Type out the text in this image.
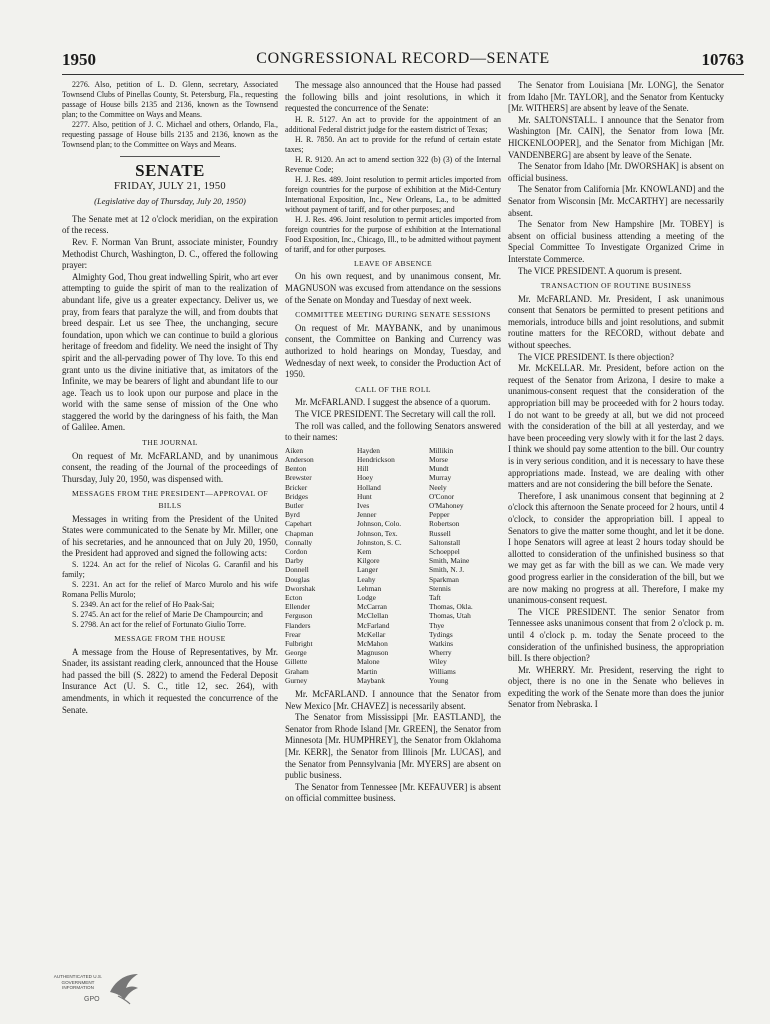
1950	CONGRESSIONAL RECORD—SENATE	10763

2276. Also, petition of L. D. Glenn, secretary, Associated Townsend Clubs of Pinellas County, St. Petersburg, Fla., requesting passage of House bills 2135 and 2136, known as the Townsend plan; to the Committee on Ways and Means.

2277. Also, petition of J. C. Michael and others, Orlando, Fla., requesting passage of House bills 2135 and 2136, known as the Townsend plan; to the Committee on Ways and Means.

SENATE
FRIDAY, JULY 21, 1950
(Legislative day of Thursday, July 20, 1950)

The Senate met at 12 o'clock meridian, on the expiration of the recess.

Rev. F. Norman Van Brunt, associate minister, Foundry Methodist Church, Washington, D. C., offered the following prayer:

Almighty God, Thou great indwelling Spirit, who art ever attempting to guide the spirit of man to the realization of abundant life, give us a greater expectancy. Deliver us, we pray, from fears that paralyze the will, and from doubts that breed despair. Let us see Thee, the unchanging, secure foundation, upon which we can continue to build a glorious heritage of freedom and fidelity. We need the insight of Thy spirit and the all-pervading power of Thy love. To this end grant unto us the divine initiative that, as imitators of the Infinite, we may be bearers of light and abundant life to our age. Teach us to look upon our purpose and place in the world with the same sense of mission of the One who staggered the world by the daringness of his faith, the Man of Galilee. Amen.

THE JOURNAL

On request of Mr. McFARLAND, and by unanimous consent, the reading of the Journal of the proceedings of Thursday, July 20, 1950, was dispensed with.

MESSAGES FROM THE PRESIDENT—APPROVAL OF BILLS

Messages in writing from the President of the United States were communicated to the Senate by Mr. Miller, one of his secretaries, and he announced that on July 20, 1950, the President had approved and signed the following acts:

S. 1224. An act for the relief of Nicolas G. Caranfil and his family;

S. 2231. An act for the relief of Marco Murolo and his wife Romana Pellis Murolo;

S. 2349. An act for the relief of Ho Paak-Sai;

S. 2745. An act for the relief of Marie De Champourcin; and

S. 2798. An act for the relief of Fortunato Giulio Torre.

MESSAGE FROM THE HOUSE

A message from the House of Representatives, by Mr. Snader, its assistant reading clerk, announced that the House had passed the bill (S. 2822) to amend the Federal Deposit Insurance Act (U. S. C., title 12, sec. 264), with amendments, in which it requested the concurrence of the Senate.

The message also announced that the House had passed the following bills and joint resolutions, in which it requested the concurrence of the Senate:

H. R. 5127. An act to provide for the appointment of an additional Federal district judge for the eastern district of Texas;

H. R. 7850. An act to provide for the refund of certain estate taxes;

H. R. 9120. An act to amend section 322 (b) (3) of the Internal Revenue Code;

H. J. Res. 489. Joint resolution to permit articles imported from foreign countries for the purpose of exhibition at the Mid-Century International Exposition, Inc., New Orleans, La., to be admitted without payment of tariff, and for other purposes; and

H. J. Res. 496. Joint resolution to permit articles imported from foreign countries for the purpose of exhibition at the International Food Exposition, Inc., Chicago, Ill., to be admitted without payment of tariff, and for other purposes.

LEAVE OF ABSENCE

On his own request, and by unanimous consent, Mr. MAGNUSON was excused from attendance on the sessions of the Senate on Monday and Tuesday of next week.

COMMITTEE MEETING DURING SENATE SESSIONS

On request of Mr. MAYBANK, and by unanimous consent, the Committee on Banking and Currency was authorized to hold hearings on Monday, Tuesday, and Wednesday of next week, to consider the Production Act of 1950.

CALL OF THE ROLL

Mr. McFARLAND. I suggest the absence of a quorum.

The VICE PRESIDENT. The Secretary will call the roll.

The roll was called, and the following Senators answered to their names:

Aiken	Hayden	Millikin
Anderson	Hendrickson	Morse
Benton	Hill	Mundt
Brewster	Hoey	Murray
Bricker	Holland	Neely
Bridges	Hunt	O'Conor
Butler	Ives	O'Mahoney
Byrd	Jenner	Pepper
Capehart	Johnson, Colo.	Robertson
Chapman	Johnson, Tex.	Russell
Connally	Johnston, S. C.	Saltonstall
Cordon	Kem	Schoeppel
Darby	Kilgore	Smith, Maine
Donnell	Langer	Smith, N. J.
Douglas	Leahy	Sparkman
Dworshak	Lehman	Stennis
Ecton	Lodge	Taft
Ellender	McCarran	Thomas, Okla.
Ferguson	McClellan	Thomas, Utah
Flanders	McFarland	Thye
Frear	McKellar	Tydings
Fulbright	McMahon	Watkins
George	Magnuson	Wherry
Gillette	Malone	Wiley
Graham	Martin	Williams
Gurney	Maybank	Young

Mr. McFARLAND. I announce that the Senator from New Mexico [Mr. CHAVEZ] is necessarily absent.

The Senator from Mississippi [Mr. EASTLAND], the Senator from Rhode Island [Mr. GREEN], the Senator from Minnesota [Mr. HUMPHREY], the Senator from Oklahoma [Mr. KERR], the Senator from Illinois [Mr. LUCAS], and the Senator from Pennsylvania [Mr. MYERS] are absent on public business.

The Senator from Tennessee [Mr. KEFAUVER] is absent on official committee business.

The Senator from Louisiana [Mr. LONG], the Senator from Idaho [Mr. TAYLOR], and the Senator from Kentucky [Mr. WITHERS] are absent by leave of the Senate.

Mr. SALTONSTALL. I announce that the Senator from Washington [Mr. CAIN], the Senator from Iowa [Mr. HICKENLOOPER], and the Senator from Michigan [Mr. VANDENBERG] are absent by leave of the Senate.

The Senator from Idaho [Mr. DWORSHAK] is absent on official business.

The Senator from California [Mr. KNOWLAND] and the Senator from Wisconsin [Mr. McCARTHY] are necessarily absent.

The Senator from New Hampshire [Mr. TOBEY] is absent on official business attending a meeting of the Special Committee To Investigate Organized Crime in Interstate Commerce.

The VICE PRESIDENT. A quorum is present.

TRANSACTION OF ROUTINE BUSINESS

Mr. McFARLAND. Mr. President, I ask unanimous consent that Senators be permitted to present petitions and memorials, introduce bills and joint resolutions, and submit routine matters for the RECORD, without debate and without speeches.

The VICE PRESIDENT. Is there objection?

Mr. McKELLAR. Mr. President, before action on the request of the Senator from Arizona, I desire to make a unanimous-consent request that the consideration of the appropriation bill may be proceeded with for 2 hours today. I do not want to be greedy at all, but we did not proceed with the consideration of the bill at all yesterday, and we have been proceeding very slowly with it for the last 2 days. I think we should pay some attention to the bill. Our country is in very serious condition, and it is necessary to have these appropriations made. Instead, we are dealing with other matters and are not considering the bill before the Senate.

Therefore, I ask unanimous consent that beginning at 2 o'clock this afternoon the Senate proceed for 2 hours, until 4 o'clock, to consider the appropriation bill. I appeal to Senators to give the matter some thought, and let it be done. I hope Senators will agree at least 2 hours today should be allotted to consideration of the unfinished business so that we may get as far with the bill as we can. We made very good progress earlier in the consideration of the bill, but we are now making no progress at all. Therefore, I make my unanimous-consent request.

The VICE PRESIDENT. The senior Senator from Tennessee asks unanimous consent that from 2 o'clock p. m. until 4 o'clock p. m. today the Senate proceed to the consideration of the unfinished business, the appropriation bill. Is there objection?

Mr. WHERRY. Mr. President, reserving the right to object, there is no one in the Senate who believes in expediting the work of the Senate more than does the junior Senator from Nebraska. I

AUTHENTICATED U.S. GOVERNMENT INFORMATION
GPO
